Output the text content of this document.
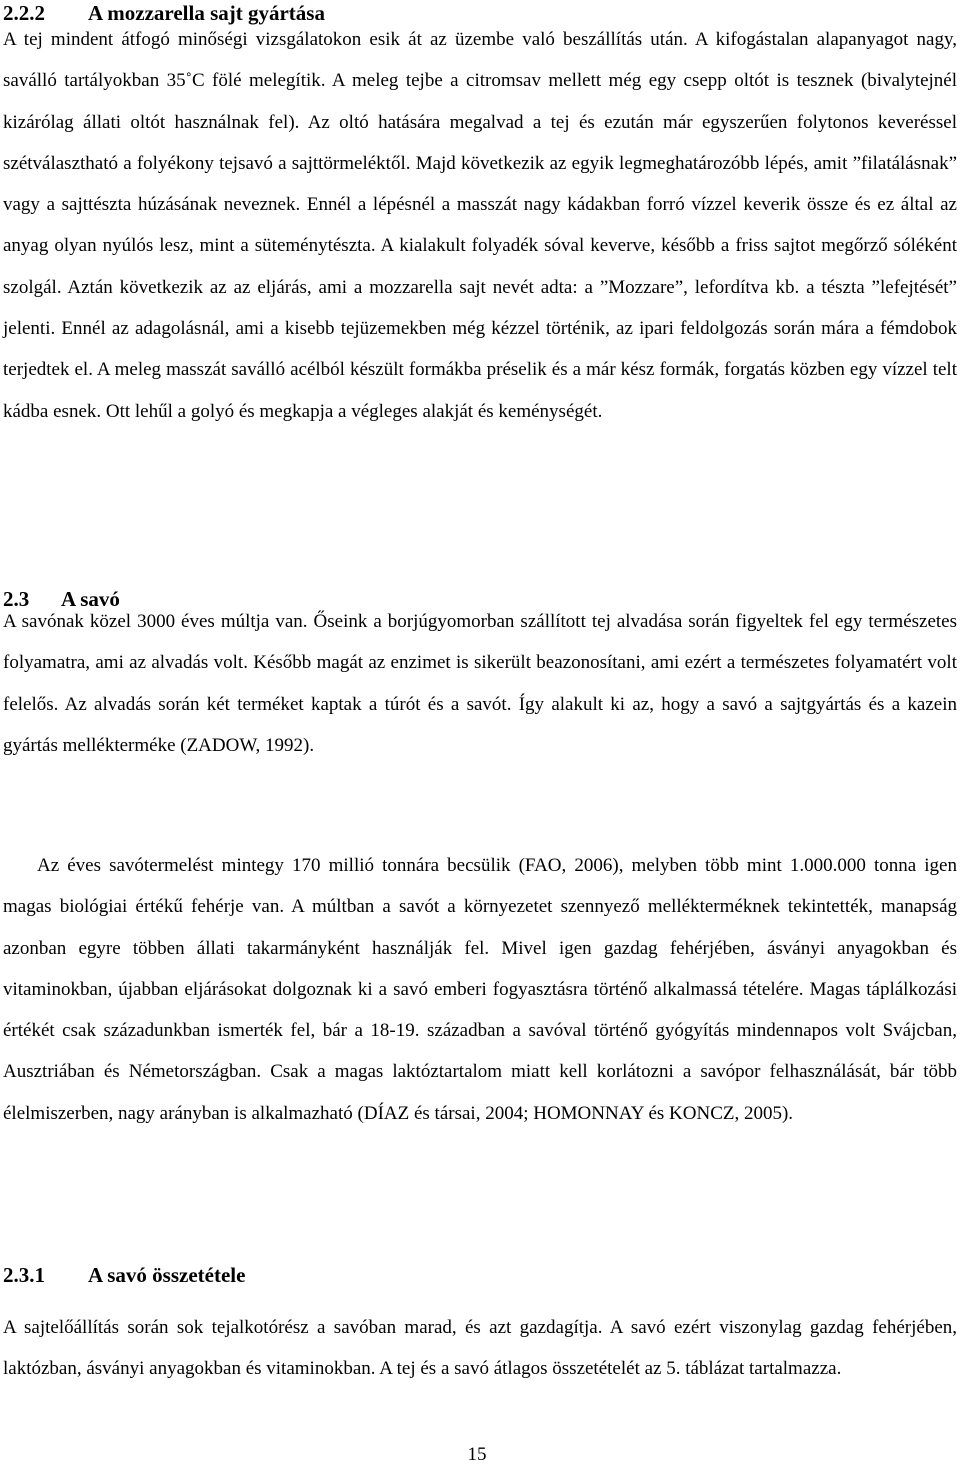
2.2.2 A mozzarella sajt gyártása

A tej mindent átfogó minőségi vizsgálatokon esik át az üzembe való beszállítás után. A kifogástalan alapanyagot nagy, saválló tartályokban 35˚C fölé melegítik. A meleg tejbe a citromsav mellett még egy csepp oltót is tesznek (bivalytejnél kizárólag állati oltót használnak fel). Az oltó hatására megalvad a tej és ezután már egyszerűen folytonos keveréssel szétválasztható a folyékony tejsavó a sajttörmeléktől. Majd következik az egyik legmeghatározóbb lépés, amit ”filatálásnak” vagy a sajttészta húzásának neveznek. Ennél a lépésnél a masszát nagy kádakban forró vízzel keverik össze és ez által az anyag olyan nyúlós lesz, mint a süteménytészta. A kialakult folyadék sóval keverve, később a friss sajtot megőrző sóléként szolgál. Aztán következik az az eljárás, ami a mozzarella sajt nevét adta: a ”Mozzare”, lefordítva kb. a tészta ”lefejtését” jelenti. Ennél az adagolásnál, ami a kisebb tejüzemekben még kézzel történik, az ipari feldolgozás során mára a fémdobok terjedtek el. A meleg masszát saválló acélból készült formákba préselik és a már kész formák, forgatás közben egy vízzel telt kádba esnek. Ott lehűl a golyó és megkapja a végleges alakját és keménységét.

2.3 A savó

A savónak közel 3000 éves múltja van. Őseink a borjúgyomorban szállított tej alvadása során figyeltek fel egy természetes folyamatra, ami az alvadás volt. Később magát az enzimet is sikerült beazonosítani, ami ezért a természetes folyamatért volt felelős. Az alvadás során két terméket kaptak a túrót és a savót. Így alakult ki az, hogy a savó a sajtgyártás és a kazein gyártás mellékterméke (ZADOW, 1992).

Az éves savótermelést mintegy 170 millió tonnára becsülik (FAO, 2006), melyben több mint 1.000.000 tonna igen magas biológiai értékű fehérje van. A múltban a savót a környezetet szennyező mellékterméknek tekintették, manapság azonban egyre többen állati takarmányként használják fel. Mivel igen gazdag fehérjében, ásványi anyagokban és vitaminokban, újabban eljárásokat dolgoznak ki a savó emberi fogyasztásra történő alkalmassá tételére. Magas táplálkozási értékét csak századunkban ismerték fel, bár a 18-19. században a savóval történő gyógyítás mindennapos volt Svájcban, Ausztriában és Németországban. Csak a magas laktóztartalom miatt kell korlátozni a savópor felhasználását, bár több élelmiszerben, nagy arányban is alkalmazható (DÍAZ és társai, 2004; HOMONNAY és KONCZ, 2005).

2.3.1 A savó összetétele

A sajtelőállítás során sok tejalkotórész a savóban marad, és azt gazdagítja. A savó ezért viszonylag gazdag fehérjében, laktózban, ásványi anyagokban és vitaminokban. A tej és a savó átlagos összetételét az 5. táblázat tartalmazza.

15
